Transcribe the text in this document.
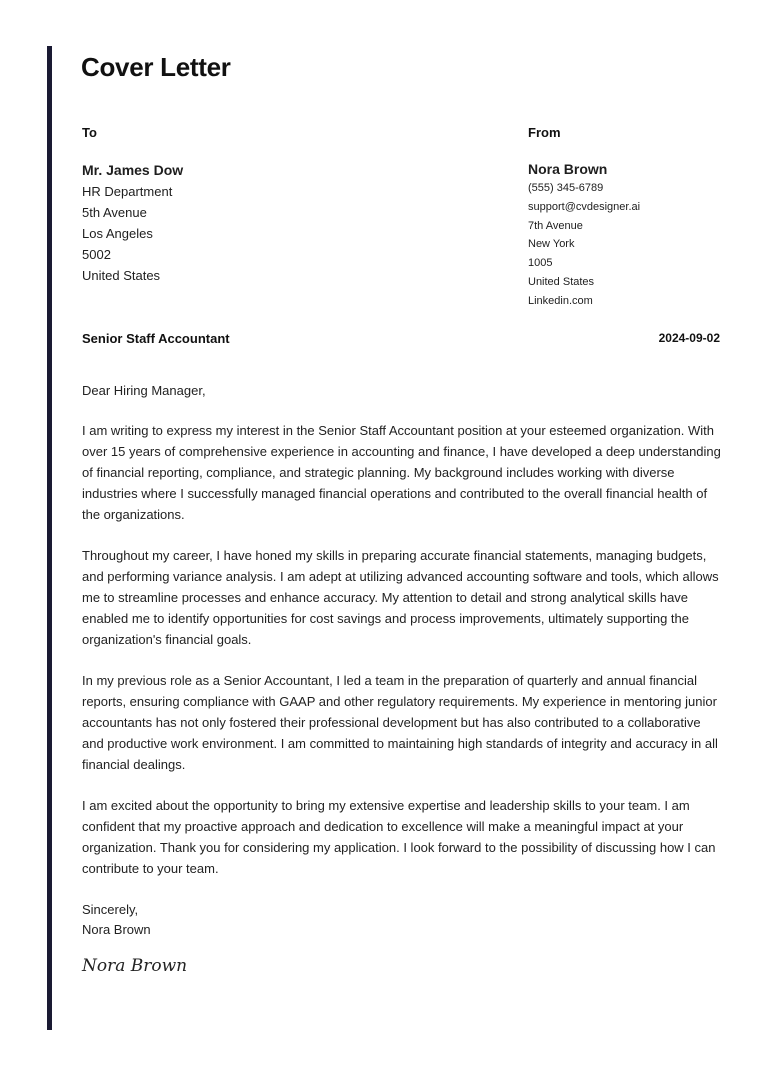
Cover Letter
To	From
Mr. James Dow
HR Department
5th Avenue
Los Angeles
5002
United States
Nora Brown
(555) 345-6789
support@cvdesigner.ai
7th Avenue
New York
1005
United States
Linkedin.com
Senior Staff Accountant	2024-09-02

Dear Hiring Manager,

I am writing to express my interest in the Senior Staff Accountant position at your esteemed organization. With over 15 years of comprehensive experience in accounting and finance, I have developed a deep understanding of financial reporting, compliance, and strategic planning. My background includes working with diverse industries where I successfully managed financial operations and contributed to the overall financial health of the organizations.

Throughout my career, I have honed my skills in preparing accurate financial statements, managing budgets, and performing variance analysis. I am adept at utilizing advanced accounting software and tools, which allows me to streamline processes and enhance accuracy. My attention to detail and strong analytical skills have enabled me to identify opportunities for cost savings and process improvements, ultimately supporting the organization's financial goals.

In my previous role as a Senior Accountant, I led a team in the preparation of quarterly and annual financial reports, ensuring compliance with GAAP and other regulatory requirements. My experience in mentoring junior accountants has not only fostered their professional development but has also contributed to a collaborative and productive work environment. I am committed to maintaining high standards of integrity and accuracy in all financial dealings.

I am excited about the opportunity to bring my extensive expertise and leadership skills to your team. I am confident that my proactive approach and dedication to excellence will make a meaningful impact at your organization. Thank you for considering my application. I look forward to the possibility of discussing how I can contribute to your team.

Sincerely,
Nora Brown
Nora Brown
